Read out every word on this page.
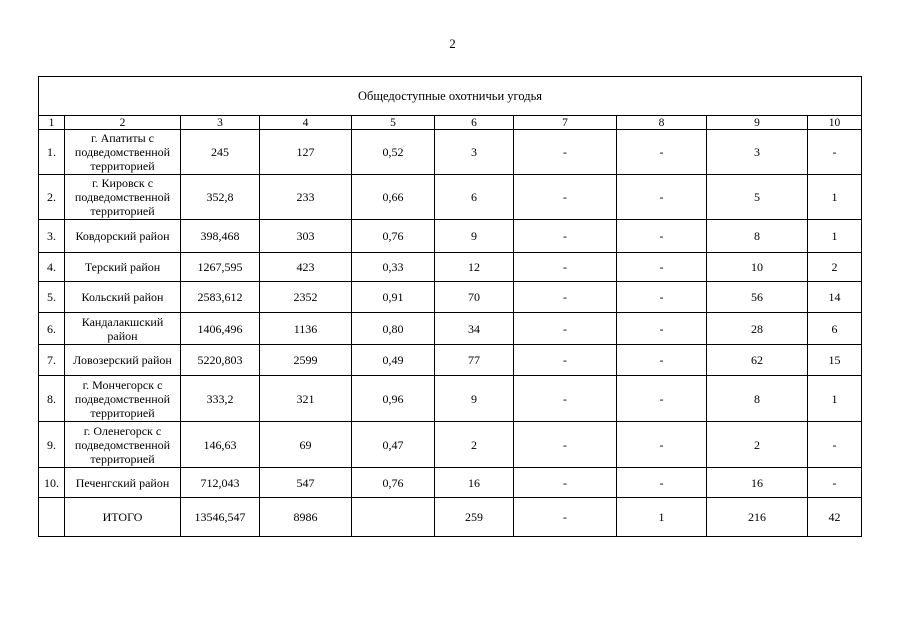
2
Общедоступные охотничьи угодья									
1	2	3	4	5	6	7	8	9	10
1.	г. Апатиты с подведомственной территорией	245	127	0,52	3	-	-	3	-
2.	г. Кировск с подведомственной территорией	352,8	233	0,66	6	-	-	5	1
3.	Ковдорский район	398,468	303	0,76	9	-	-	8	1
4.	Терский район	1267,595	423	0,33	12	-	-	10	2
5.	Кольский район	2583,612	2352	0,91	70	-	-	56	14
6.	Кандалакшский район	1406,496	1136	0,80	34	-	-	28	6
7.	Ловозерский район	5220,803	2599	0,49	77	-	-	62	15
8.	г. Мончегорск с подведомственной территорией	333,2	321	0,96	9	-	-	8	1
9.	г. Оленегорск с подведомственной территорией	146,63	69	0,47	2	-	-	2	-
10.	Печенгский район	712,043	547	0,76	16	-	-	16	-
	ИТОГО	13546,547	8986		259	-	1	216	42
